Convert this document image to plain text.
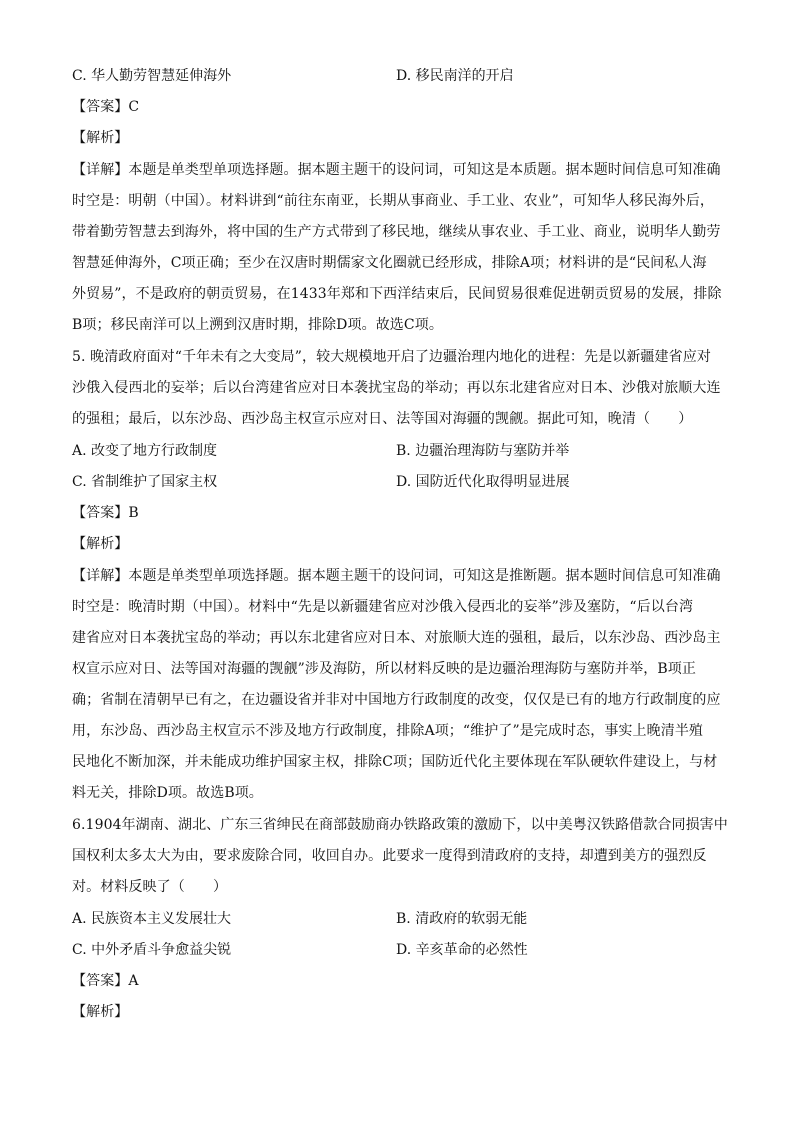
C. 华人勤劳智慧延伸海外	D. 移民南洋的开启
【答案】C
【解析】
【详解】本题是单类型单项选择题。据本题主题干的设问词，可知这是本质题。据本题时间信息可知准确
时空是：明朝（中国）。材料讲到“前往东南亚，长期从事商业、手工业、农业”，可知华人移民海外后，
带着勤劳智慧去到海外，将中国的生产方式带到了移民地，继续从事农业、手工业、商业，说明华人勤劳
智慧延伸海外，C项正确；至少在汉唐时期儒家文化圈就已经形成，排除A项；材料讲的是“民间私人海
外贸易”，不是政府的朝贡贸易，在1433年郑和下西洋结束后，民间贸易很难促进朝贡贸易的发展，排除
B项；移民南洋可以上溯到汉唐时期，排除D项。故选C项。
5. 晚清政府面对“千年未有之大变局”，较大规模地开启了边疆治理内地化的进程：先是以新疆建省应对
沙俄入侵西北的妄举；后以台湾建省应对日本袭扰宝岛的举动；再以东北建省应对日本、沙俄对旅顺大连
的强租；最后，以东沙岛、西沙岛主权宣示应对日、法等国对海疆的觊觎。据此可知，晚清（　　）
A. 改变了地方行政制度	B. 边疆治理海防与塞防并举
C. 省制维护了国家主权	D. 国防近代化取得明显进展
【答案】B
【解析】
【详解】本题是单类型单项选择题。据本题主题干的设问词，可知这是推断题。据本题时间信息可知准确
时空是：晚清时期（中国）。材料中“先是以新疆建省应对沙俄入侵西北的妄举”涉及塞防，“后以台湾
建省应对日本袭扰宝岛的举动；再以东北建省应对日本、对旅顺大连的强租，最后，以东沙岛、西沙岛主
权宣示应对日、法等国对海疆的觊觎”涉及海防，所以材料反映的是边疆治理海防与塞防并举，B项正
确；省制在清朝早已有之，在边疆设省并非对中国地方行政制度的改变，仅仅是已有的地方行政制度的应
用，东沙岛、西沙岛主权宣示不涉及地方行政制度，排除A项；“维护了”是完成时态，事实上晚清半殖
民地化不断加深，并未能成功维护国家主权，排除C项；国防近代化主要体现在军队硬软件建设上，与材
料无关，排除D项。故选B项。
6.1904年湖南、湖北、广东三省绅民在商部鼓励商办铁路政策的激励下，以中美粤汉铁路借款合同损害中
国权利太多太大为由，要求废除合同，收回自办。此要求一度得到清政府的支持，却遭到美方的强烈反
对。材料反映了（　　）
A. 民族资本主义发展壮大	B. 清政府的软弱无能
C. 中外矛盾斗争愈益尖锐	D. 辛亥革命的必然性
【答案】A
【解析】
